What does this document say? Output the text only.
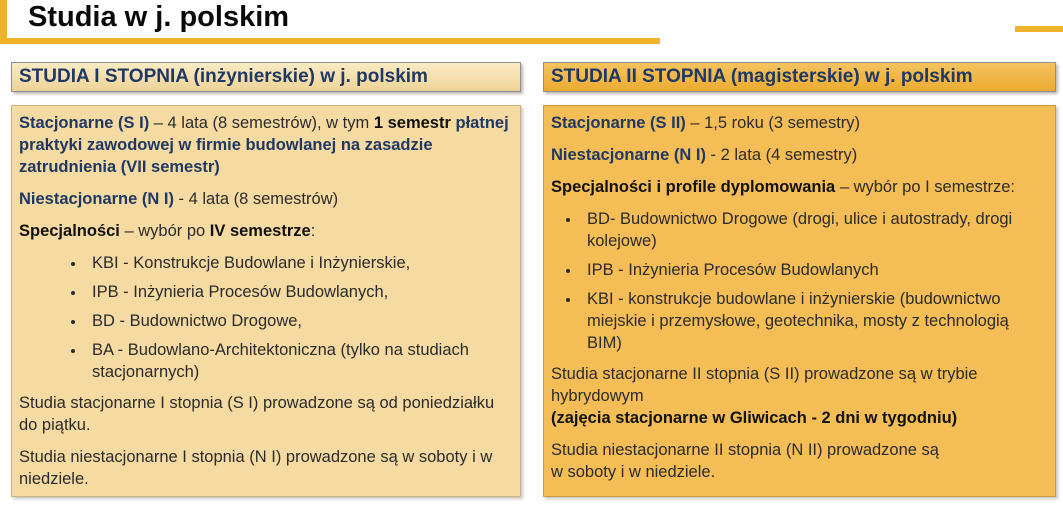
Studia w j. polskim
STUDIA I STOPNIA (inżynierskie) w j. polskim

Stacjonarne (S I) – 4 lata (8 semestrów), w tym 1 semestr płatnej praktyki zawodowej w firmie budowlanej na zasadzie zatrudnienia (VII semestr)

Niestacjonarne (N I) - 4 lata (8 semestrów)

Specjalności – wybór po IV semestrze:

• KBI - Konstrukcje Budowlane i Inżynierskie,
• IPB - Inżynieria Procesów Budowlanych,
• BD - Budownictwo Drogowe,
• BA - Budowlano-Architektoniczna (tylko na studiach stacjonarnych)

Studia stacjonarne I stopnia (S I) prowadzone są od poniedziałku do piątku.

Studia niestacjonarne I stopnia (N I) prowadzone są w soboty i w niedziele.

STUDIA II STOPNIA (magisterskie) w j. polskim

Stacjonarne (S II) – 1,5 roku (3 semestry)

Niestacjonarne (N I) - 2 lata (4 semestry)

Specjalności i profile dyplomowania – wybór po I semestrze:

• BD- Budownictwo Drogowe (drogi, ulice i autostrady, drogi kolejowe)
• IPB - Inżynieria Procesów Budowlanych
• KBI - konstrukcje budowlane i inżynierskie (budownictwo miejskie i przemysłowe, geotechnika, mosty z technologią BIM)

Studia stacjonarne II stopnia (S II) prowadzone są w trybie hybrydowym
(zajęcia stacjonarne w Gliwicach - 2 dni w tygodniu)

Studia niestacjonarne II stopnia (N II) prowadzone są
w soboty i w niedziele.
